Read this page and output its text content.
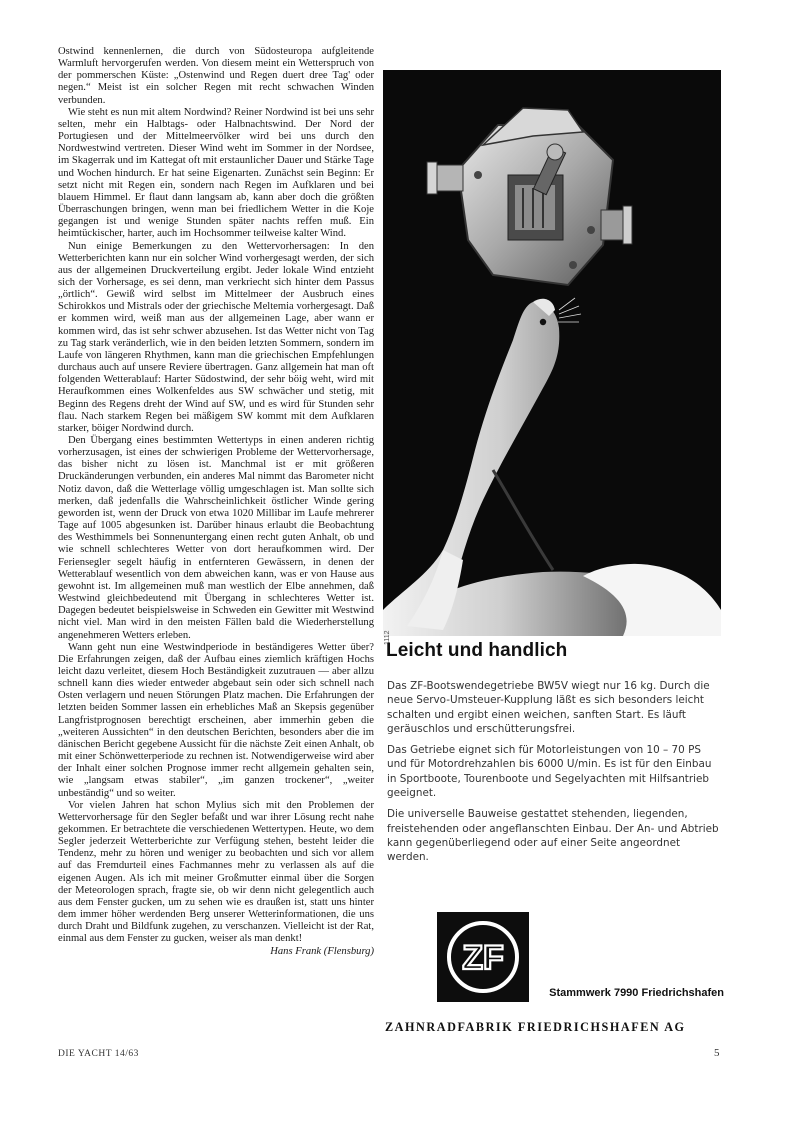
Ostwind kennenlernen, die durch von Südosteuropa aufgleitende Warmluft hervorgerufen werden. Von diesem meint ein Wetterspruch von der pommerschen Küste: „Ostenwind und Regen duert dree Tag' oder negen.“ Meist ist ein solcher Regen mit recht schwachen Winden verbunden.

Wie steht es nun mit altem Nordwind? Reiner Nordwind ist bei uns sehr selten, mehr ein Halbtags- oder Halbnachtswind. Der Nord der Portugiesen und der Mittelmeervölker wird bei uns durch den Nordwestwind vertreten. Dieser Wind weht im Sommer in der Nordsee, im Skagerrak und im Kattegat oft mit erstaunlicher Dauer und Stärke Tage und Wochen hindurch. Er hat seine Eigenarten. Zunächst sein Beginn: Er setzt nicht mit Regen ein, sondern nach Regen im Aufklaren und bei blauem Himmel. Er flaut dann langsam ab, kann aber doch die größten Überraschungen bringen, wenn man bei friedlichem Wetter in die Koje gegangen ist und wenige Stunden später nachts reffen muß. Ein heimtückischer, harter, auch im Hochsommer teilweise kalter Wind.

Nun einige Bemerkungen zu den Wettervorhersagen: In den Wetterberichten kann nur ein solcher Wind vorhergesagt werden, der sich aus der allgemeinen Druckverteilung ergibt. Jeder lokale Wind entzieht sich der Vorhersage, es sei denn, man verkriecht sich hinter dem Passus „örtlich“. Gewiß wird selbst im Mittelmeer der Ausbruch eines Schirokkos und Mistrals oder der griechische Meltemia vorhergesagt. Daß er kommen wird, weiß man aus der allgemeinen Lage, aber wann er kommen wird, das ist sehr schwer abzusehen. Ist das Wetter nicht von Tag zu Tag stark veränderlich, wie in den beiden letzten Sommern, sondern im Laufe von längeren Rhythmen, kann man die griechischen Empfehlungen durchaus auch auf unsere Reviere übertragen. Ganz allgemein hat man oft folgenden Wetterablauf: Harter Südostwind, der sehr böig weht, wird mit Heraufkommen eines Wolkenfeldes aus SW schwächer und stetig, mit Beginn des Regens dreht der Wind auf SW, und es wird für Stunden sehr flau. Nach starkem Regen bei mäßigem SW kommt mit dem Aufklaren starker, böiger Nordwind durch.

Den Übergang eines bestimmten Wettertyps in einen anderen richtig vorherzusagen, ist eines der schwierigen Probleme der Wettervorhersage, das bisher nicht zu lösen ist. Manchmal ist er mit größeren Druckänderungen verbunden, ein anderes Mal nimmt das Barometer nicht Notiz davon, daß die Wetterlage völlig umgeschlagen ist. Man sollte sich merken, daß jedenfalls die Wahrscheinlichkeit östlicher Winde gering geworden ist, wenn der Druck von etwa 1020 Millibar im Laufe mehrerer Tage auf 1005 abgesunken ist. Darüber hinaus erlaubt die Beobachtung des Westhimmels bei Sonnenuntergang einen recht guten Anhalt, ob und wie schnell schlechteres Wetter von dort heraufkommen wird. Der Feriensegler segelt häufig in entfernteren Gewässern, in denen der Wetterablauf wesentlich von dem abweichen kann, was er von Hause aus gewohnt ist. Im allgemeinen muß man westlich der Elbe annehmen, daß Westwind gleichbedeutend mit Übergang in schlechteres Wetter ist. Dagegen bedeutet beispielsweise in Schweden ein Gewitter mit Westwind nicht viel. Man wird in den meisten Fällen bald die Wiederherstellung angenehmeren Wetters erleben.

Wann geht nun eine Westwindperiode in beständigeres Wetter über? Die Erfahrungen zeigen, daß der Aufbau eines ziemlich kräftigen Hochs leicht dazu verleitet, diesem Hoch Beständigkeit zuzutrauen — aber allzu schnell kann dies wieder entweder abgebaut sein oder sich schnell nach Osten verlagern und neuen Störungen Platz machen. Die Erfahrungen der letzten beiden Sommer lassen ein erhebliches Maß an Skepsis gegenüber Langfristprognosen berechtigt erscheinen, aber immerhin geben die „weiteren Aussichten“ in den deutschen Berichten, besonders aber die im dänischen Bericht gegebene Aussicht für die nächste Zeit einen Anhalt, ob mit einer Schönwetterperiode zu rechnen ist. Notwendigerweise wird aber der Inhalt einer solchen Prognose immer recht allgemein gehalten sein, wie „langsam etwas stabiler“, „im ganzen trockener“, „weiter unbeständig“ und so weiter.

Vor vielen Jahren hat schon Mylius sich mit den Problemen der Wettervorhersage für den Segler befaßt und war ihrer Lösung recht nahe gekommen. Er betrachtete die verschiedenen Wettertypen. Heute, wo dem Segler jederzeit Wetterberichte zur Verfügung stehen, besteht leider die Tendenz, mehr zu hören und weniger zu beobachten und sich vor allem auf das Fremdurteil eines Fachmannes mehr zu verlassen als auf die eigenen Augen. Als ich mit meiner Großmutter einmal über die Sorgen der Meteorologen sprach, fragte sie, ob wir denn nicht gelegentlich auch aus dem Fenster gucken, um zu sehen wie es draußen ist, statt uns hinter dem immer höher werdenden Berg unserer Wetterinformationen, die uns durch Draht und Bildfunk zugehen, zu verschanzen. Vielleicht ist der Rat, einmal aus dem Fenster zu gucken, weiser als man denkt!

Hans Frank (Flensburg)
1112
Leicht und handlich

Das ZF-Bootswendegetriebe BW5V wiegt nur 16 kg. Durch die neue Servo-Umsteuer-Kupplung läßt es sich besonders leicht schalten und ergibt einen weichen, sanften Start. Es läuft geräuschlos und erschütterungsfrei.

Das Getriebe eignet sich für Motorleistungen von 10 – 70 PS und für Motordrehzahlen bis 6000 U/min. Es ist für den Einbau in Sportboote, Tourenboote und Segelyachten mit Hilfsantrieb geeignet.

Die universelle Bauweise gestattet stehenden, liegenden, freistehenden oder angeflanschten Einbau. Der An- und Abtrieb kann gegenüberliegend oder auf einer Seite angeordnet werden.

ZF
Stammwerk 7990 Friedrichshafen
ZAHNRADFABRIK FRIEDRICHSHAFEN AG
DIE YACHT 14/63	5
